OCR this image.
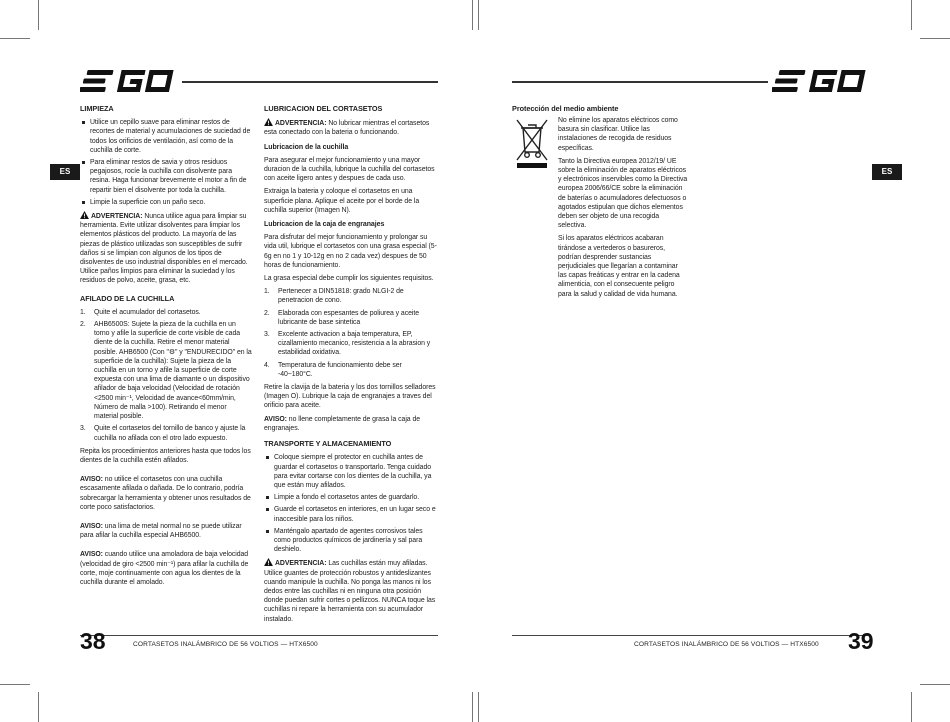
ES	ES
LIMPIEZA
Utilice un cepillo suave para eliminar restos de recortes de material y acumulaciones de suciedad de todos los orificios de ventilación, así como de la cuchilla de corte.
Para eliminar restos de savia y otros residuos pegajosos, rocíe la cuchilla con disolvente para resina. Haga funcionar brevemente el motor a fin de repartir bien el disolvente por toda la cuchilla.
Limpie la superficie con un paño seco.

ADVERTENCIA: Nunca utilice agua para limpiar su herramienta. Evite utilizar disolventes para limpiar los elementos plásticos del producto. La mayoría de las piezas de plástico utilizadas son susceptibles de sufrir daños si se limpian con algunos de los tipos de disolventes de uso industrial disponibles en el mercado. Utilice paños limpios para eliminar la suciedad y los residuos de polvo, aceite, grasa, etc.

AFILADO DE LA CUCHILLA
1. Quite el acumulador del cortasetos.
2. AHB6500S: Sujete la pieza de la cuchilla en un torno y afile la superficie de corte visible de cada diente de la cuchilla. Retire el menor material posible. AHB6500 (Con "⚙" y "ENDURECIDO" en la superficie de la cuchilla): Sujete la pieza de la cuchilla en un torno y afile la superficie de corte expuesta con una lima de diamante o un dispositivo afilador de baja velocidad (Velocidad de rotación <2500 min⁻¹, Velocidad de avance<60mm/min, Número de malla >100). Retirando el menor material posible.
3. Quite el cortasetos del tornillo de banco y ajuste la cuchilla no afilada con el otro lado expuesto.

Repita los procedimientos anteriores hasta que todos los dientes de la cuchilla estén afilados.

AVISO: no utilice el cortasetos con una cuchilla escasamente afilada o dañada. De lo contrario, podría sobrecargar la herramienta y obtener unos resultados de corte poco satisfactorios.

AVISO: una lima de metal normal no se puede utilizar para afilar la cuchilla especial AHB6500.

AVISO: cuando utilice una amoladora de baja velocidad (velocidad de giro <2500 min⁻¹) para afilar la cuchilla de corte, moje continuamente con agua los dientes de la cuchilla durante el amolado.

LUBRICACION DEL CORTASETOS

ADVERTENCIA: No lubricar mientras el cortasetos esta conectado con la bateria o funcionando.

Lubricacion de la cuchilla

Para asegurar el mejor funcionamiento y una mayor duracion de la cuchilla, lubrique la cuchilla del cortasetos con aceite ligero antes y despues de cada uso.

Extraiga la bateria y coloque el cortasetos en una superficie plana. Aplique el aceite por el borde de la cuchilla superior (Imagen N).

Lubricacion de la caja de engranajes

Para disfrutar del mejor funcionamiento y prolongar su vida util, lubrique el cortasetos con una grasa especial (5-6g en no 1 y 10-12g en no 2 cada vez) despues de 50 horas de funcionamiento.

La grasa especial debe cumplir los siguientes requisitos.

1. Pertenecer a DIN51818: grado NLGI-2 de penetracion de cono.
2. Elaborada con espesantes de poliurea y aceite lubricante de base sintetica
3. Excelente activacion a baja temperatura, EP, cizallamiento mecanico, resistencia a la abrasion y estabilidad oxidativa.
4. Temperatura de funcionamiento debe ser -40~180°C.

Retire la clavija de la bateria y los dos tornillos selladores (Imagen O). Lubrique la caja de engranajes a traves del orificio para aceite.

AVISO: no llene completamente de grasa la caja de engranajes.

TRANSPORTE Y ALMACENAMIENTO
Coloque siempre el protector en cuchilla antes de guardar el cortasetos o transportarlo. Tenga cuidado para evitar cortarse con los dientes de la cuchilla, ya que están muy afilados.
Limpie a fondo el cortasetos antes de guardarlo.
Guarde el cortasetos en interiores, en un lugar seco e inaccesible para los niños.
Manténgalo apartado de agentes corrosivos tales como productos químicos de jardinería y sal para deshielo.

ADVERTENCIA: Las cuchillas están muy afiladas. Utilice guantes de protección robustos y antideslizantes cuando manipule la cuchilla. No ponga las manos ni los dedos entre las cuchillas ni en ninguna otra posición donde puedan sufrir cortes o pellizcos. NUNCA toque las cuchillas ni repare la herramienta con su acumulador instalado.

Protección del medio ambiente

No elimine los aparatos eléctricos como basura sin clasificar. Utilice las instalaciones de recogida de residuos específicas.

Tanto la Directiva europea 2012/19/ UE sobre la eliminación de aparatos eléctricos y electrónicos inservibles como la Directiva europea 2006/66/CE sobre la eliminación de baterías o acumuladores defectuosos o agotados estipulan que dichos elementos deben ser objeto de una recogida selectiva.

Si los aparatos eléctricos acabaran tirándose a vertederos o basureros, podrían desprender sustancias perjudiciales que llegarían a contaminar las capas freáticas y entrar en la cadena alimenticia, con el consecuente peligro para la salud y calidad de vida humana.

38	CORTASETOS INALÁMBRICO DE 56 VOLTIOS — HTX6500	CORTASETOS INALÁMBRICO DE 56 VOLTIOS — HTX6500 39
